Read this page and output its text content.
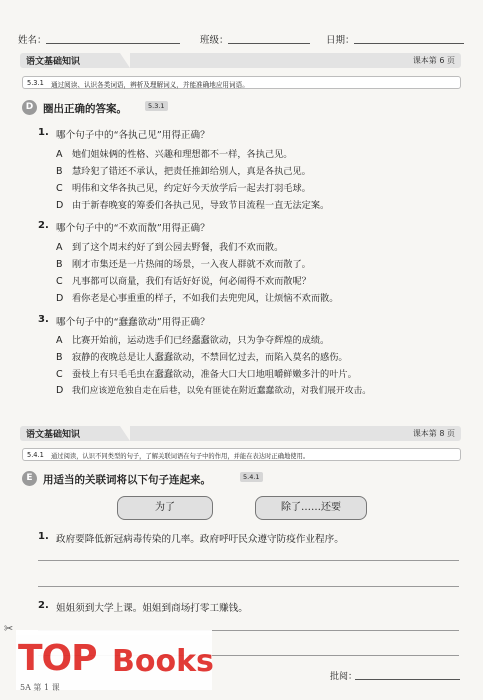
姓名：	班级：	日期：
语文基础知识	课本第 6 页
5.3.1 通过阅读、认识各类词语，辨析及理解词义，并能准确地应用词语。
D 圈出正确的答案。	5.3.1
1. 哪个句子中的“各执己见”用得正确？
A 她们姐妹俩的性格、兴趣和理想都不一样，各执己见。
B 慧玲犯了错还不承认，把责任推卸给别人，真是各执己见。
C 明伟和文华各执己见，约定好今天放学后一起去打羽毛球。
D 由于新春晚宴的筹委们各执己见，导致节目流程一直无法定案。
2. 哪个句子中的“不欢而散”用得正确？
A 到了这个周末约好了到公园去野餐，我们不欢而散。
B 刚才市集还是一片热闹的场景，一入夜人群就不欢而散了。
C 凡事都可以商量，我们有话好好说，何必闹得不欢而散呢？
D 看你老是心事重重的样子，不如我们去兜兜风，让烦恼不欢而散。
3. 哪个句子中的“蠢蠢欲动”用得正确？
A 比赛开始前，运动选手们已经蠢蠢欲动，只为争夺辉煌的成绩。
B 寂静的夜晚总是让人蠢蠢欲动，不禁回忆过去，而陷入莫名的感伤。
C 蚕枝上有只毛毛虫在蠢蠢欲动，准备大口大口地咀嚼鲜嫩多汁的叶片。
D 我们应该逆危独自走在后巷，以免有匪徒在附近蠢蠢欲动，对我们展开攻击。
语文基础知识	课本第 8 页
5.4.1 通过阅读，认识不同类型的句子，了解关联词语在句子中的作用，并能在表达时正确地使用。
E 用适当的关联词将以下句子连起来。	5.4.1
为了	除了……还要
1. 政府要降低新冠病毒传染的几率。政府呼吁民众遵守防疫作业程序。
2. 姐姐须到大学上课。姐姐到商场打零工赚钱。
✂
TOP Books
5A 第 1 课
批阅：
